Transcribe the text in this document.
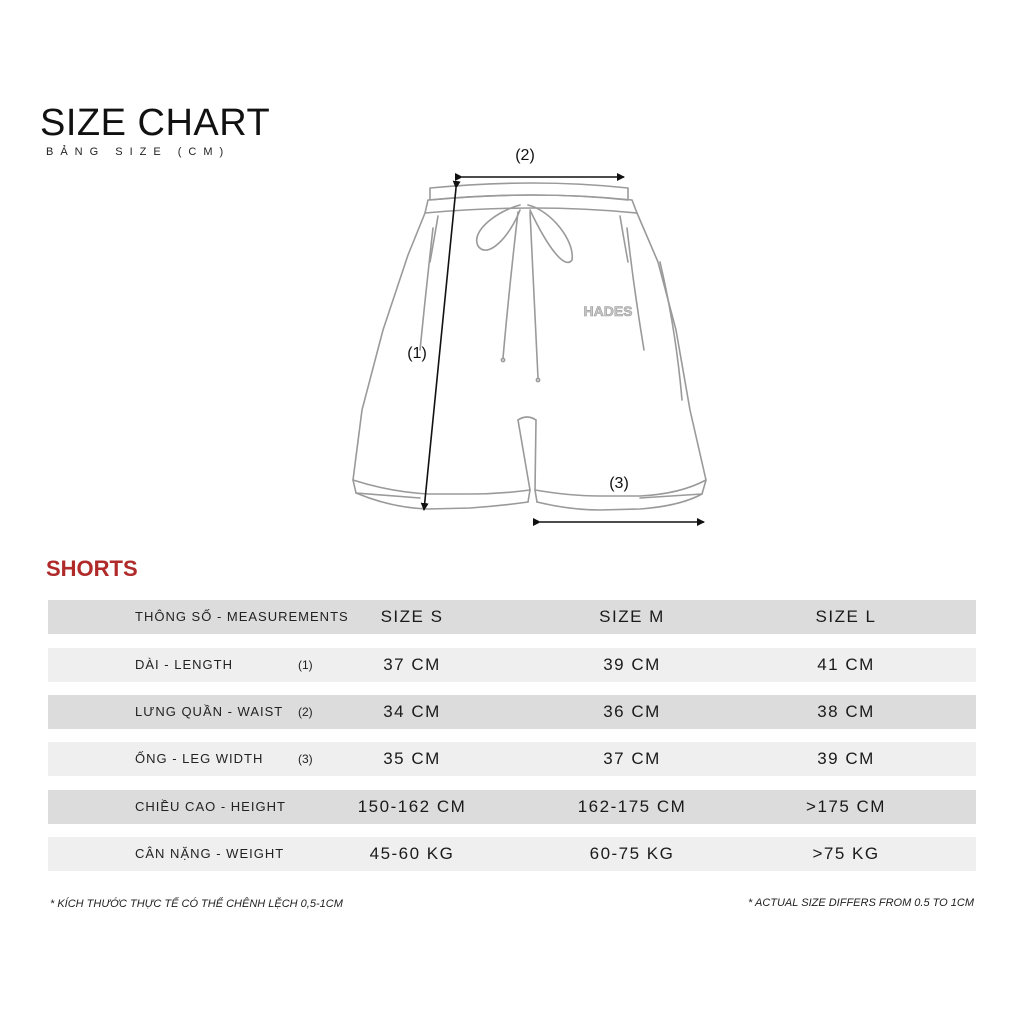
SIZE CHART
BẢNG SIZE (CM)
HADES
(2)
(1)
(3)
SHORTS
THÔNG SỐ - MEASUREMENTS	SIZE S	SIZE M	SIZE L
DÀI - LENGTH	(1)	37 CM	39 CM	41 CM
LƯNG QUẦN - WAIST (2)	34 CM	36 CM	38 CM
ỐNG - LEG WIDTH	(3)	35 CM	37 CM	39 CM
CHIỀU CAO - HEIGHT	150-162 CM	162-175 CM	>175 CM
CÂN NẶNG - WEIGHT	45-60 KG	60-75 KG	>75 KG
* KÍCH THƯỚC THỰC TẾ CÓ THỂ CHÊNH LỆCH 0,5-1CM	* ACTUAL SIZE DIFFERS FROM 0.5 TO 1CM
